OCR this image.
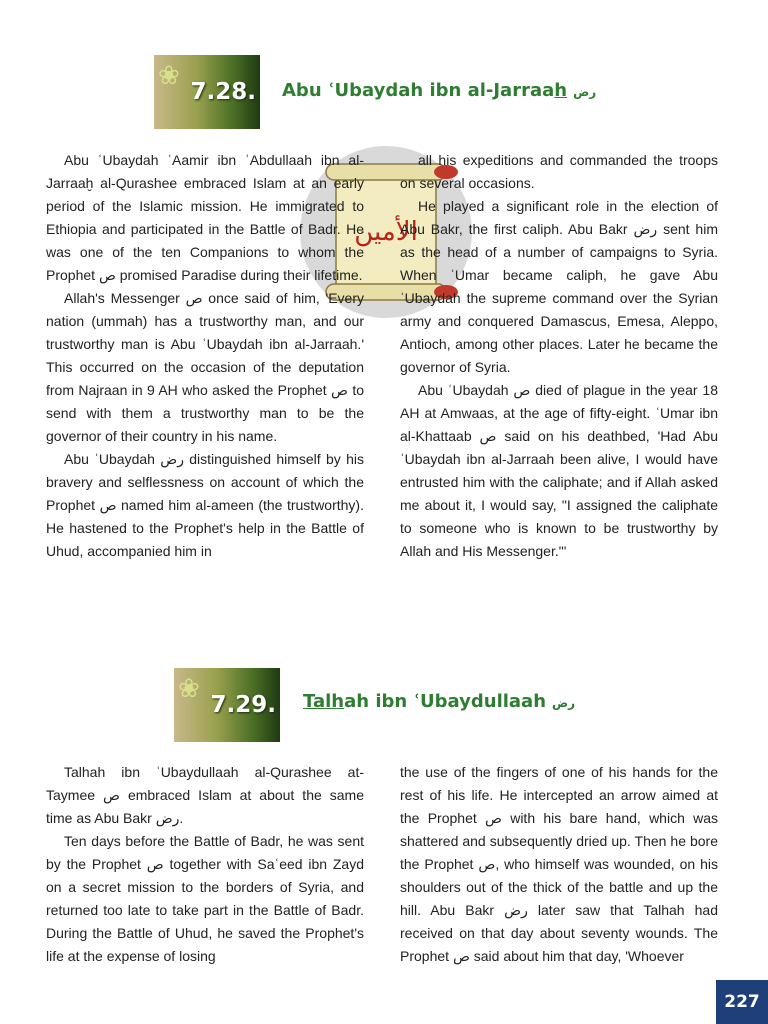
❀
7.28. Abu ʿUbaydah ibn al-Jarraah رض
الأمين

Abu ʿUbaydah ʿAamir ibn ʿAbdullaah ibn al-Jarraaḫ al-Qurashee embraced Islam at an early period of the Islamic mission. He immigrated to Ethiopia and participated in the Battle of Badr. He was one of the ten Companions to whom the Prophet ص promised Paradise during their lifetime.

Allah's Messenger ص once said of him, 'Every nation (ummah) has a trustworthy man, and our trustworthy man is Abu ʿUbaydah ibn al-Jarraah.' This occurred on the occasion of the deputation from Najraan in 9 AH who asked the Prophet ص to send with them a trustworthy man to be the governor of their country in his name.

Abu ʿUbaydah رض distinguished himself by his bravery and selflessness on account of which the Prophet ص named him al-ameen (the trustworthy). He hastened to the Prophet's help in the Battle of Uhud, accompanied him in

all his expeditions and commanded the troops on several occasions.

He played a significant role in the election of Abu Bakr, the first caliph. Abu Bakr رض sent him as the head of a number of campaigns to Syria. When ʿUmar became caliph, he gave Abu ʿUbaydah the supreme command over the Syrian army and conquered Damascus, Emesa, Aleppo, Antioch, among other places. Later he became the governor of Syria.

Abu ʿUbaydah ص died of plague in the year 18 AH at Amwaas, at the age of fifty-eight. ʿUmar ibn al-Khattaab ص said on his deathbed, 'Had Abu ʿUbaydah ibn al-Jarraah been alive, I would have entrusted him with the caliphate; and if Allah asked me about it, I would say, "I assigned the caliphate to someone who is known to be trustworthy by Allah and His Messenger."'

❀
7.29. Talhah ibn ʿUbaydullaah رض

Talhah ibn ʿUbaydullaah al-Qurashee at-Taymee ص embraced Islam at about the same time as Abu Bakr رض.

Ten days before the Battle of Badr, he was sent by the Prophet ص together with Saʿeed ibn Zayd on a secret mission to the borders of Syria, and returned too late to take part in the Battle of Badr. During the Battle of Uhud, he saved the Prophet's life at the expense of losing

the use of the fingers of one of his hands for the rest of his life. He intercepted an arrow aimed at the Prophet ص with his bare hand, which was shattered and subsequently dried up. Then he bore the Prophet ص, who himself was wounded, on his shoulders out of the thick of the battle and up the hill. Abu Bakr رض later saw that Talhah had received on that day about seventy wounds. The Prophet ص said about him that day, 'Whoever

227
